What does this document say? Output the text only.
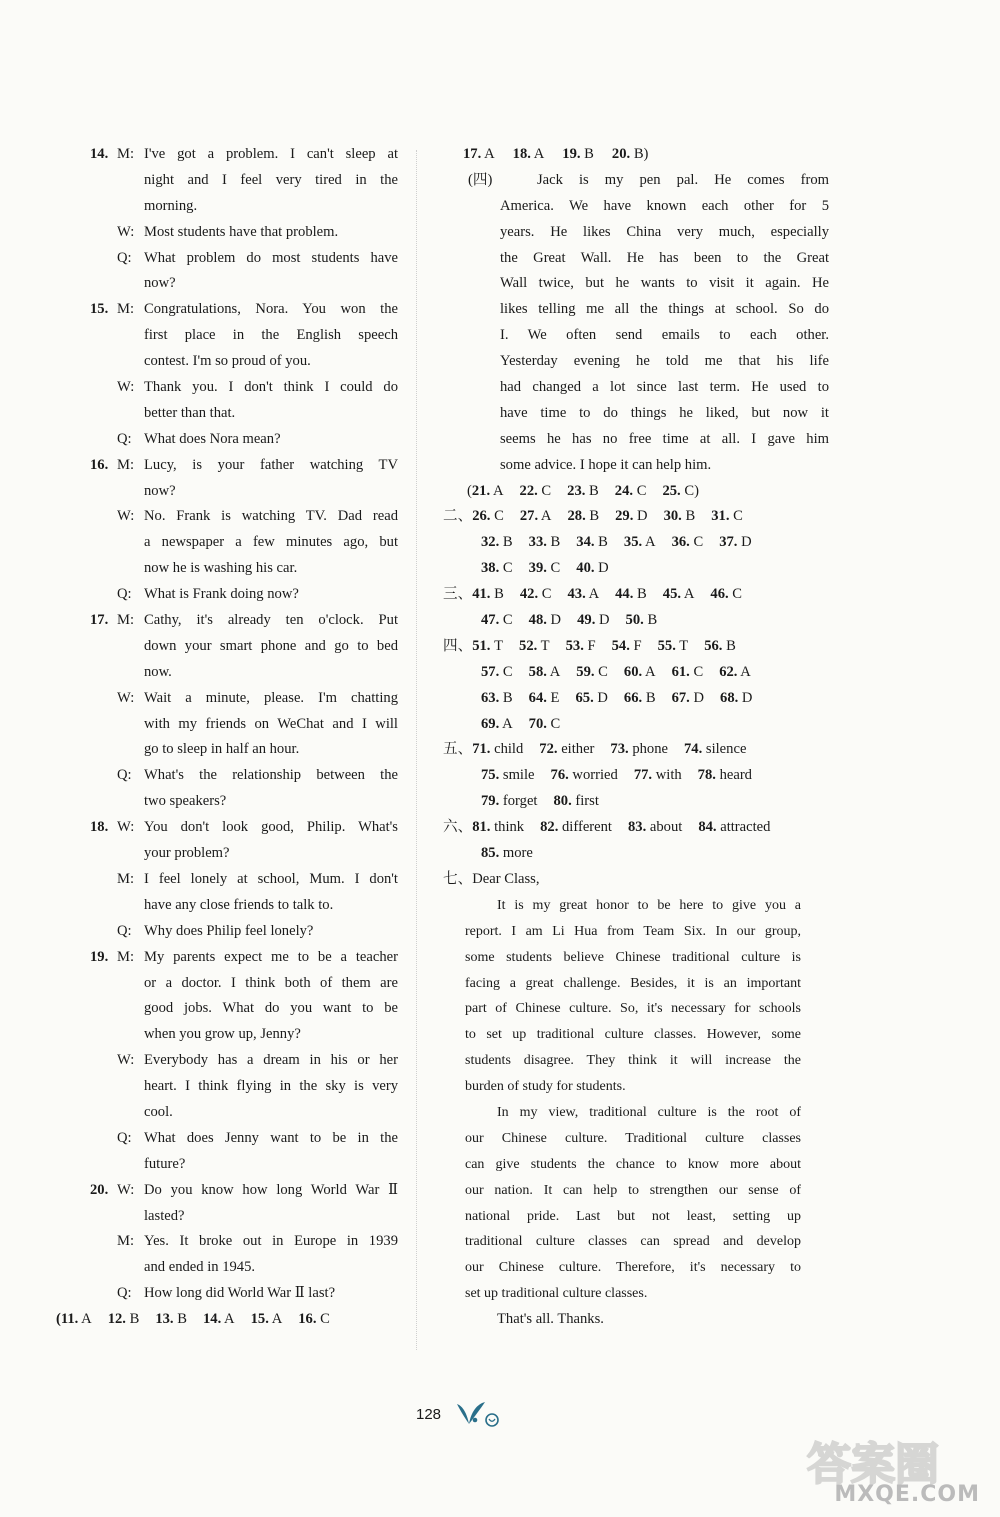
14. M: I've got a problem. I can't sleep at
night and I feel very tired in the
morning.
W: Most students have that problem.
Q: What problem do most students have
now?
15. M: Congratulations, Nora. You won the
first place in the English speech
contest. I'm so proud of you.
W: Thank you. I don't think I could do
better than that.
Q: What does Nora mean?
16. M: Lucy, is your father watching TV
now?
W: No. Frank is watching TV. Dad read
a newspaper a few minutes ago, but
now he is washing his car.
Q: What is Frank doing now?
17. M: Cathy, it's already ten o'clock. Put
down your smart phone and go to bed
now.
W: Wait a minute, please. I'm chatting
with my friends on WeChat and I will
go to sleep in half an hour.
Q: What's the relationship between the
two speakers?
18. W: You don't look good, Philip. What's
your problem?
M: I feel lonely at school, Mum. I don't
have any close friends to talk to.
Q: Why does Philip feel lonely?
19. M: My parents expect me to be a teacher
or a doctor. I think both of them are
good jobs. What do you want to be
when you grow up, Jenny?
W: Everybody has a dream in his or her
heart. I think flying in the sky is very
cool.
Q: What does Jenny want to be in the
future?
20. W: Do you know how long World War Ⅱ
lasted?
M: Yes. It broke out in Europe in 1939
and ended in 1945.
Q: How long did World War Ⅱ last?
(11. A 12. B 13. B 14. A 15. A 16. C
17. A 18. A 19. B 20. B)
(四)	Jack is my pen pal. He comes from
America. We have known each other for 5
years. He likes China very much, especially
the Great Wall. He has been to the Great
Wall twice, but he wants to visit it again. He
likes telling me all the things at school. So do
I. We often send emails to each other.
Yesterday evening he told me that his life
had changed a lot since last term. He used to
have time to do things he liked, but now it
seems he has no free time at all. I gave him
some advice. I hope it can help him.
(21. A 22. C 23. B 24. C 25. C)
二、26. C 27. A 28. B 29. D 30. B 31. C
32. B 33. B 34. B 35. A 36. C 37. D
38. C 39. C 40. D
三、41. B 42. C 43. A 44. B 45. A 46. C
47. C 48. D 49. D 50. B
四、51. T 52. T 53. F 54. F 55. T 56. B
57. C 58. A 59. C 60. A 61. C 62. A
63. B 64. E 65. D 66. B 67. D 68. D
69. A 70. C
五、71. child 72. either 73. phone 74. silence
75. smile 76. worried 77. with 78. heard
79. forget 80. first
六、81. think 82. different 83. about 84. attracted
85. more
七、Dear Class,
It is my great honor to be here to give you a
report. I am Li Hua from Team Six. In our group,
some students believe Chinese traditional culture is
facing a great challenge. Besides, it is an important
part of Chinese culture. So, it's necessary for schools
to set up traditional culture classes. However, some
students disagree. They think it will increase the
burden of study for students.
In my view, traditional culture is the root of
our Chinese culture. Traditional culture classes
can give students the chance to know more about
our nation. It can help to strengthen our sense of
national pride. Last but not least, setting up
traditional culture classes can spread and develop
our Chinese culture. Therefore, it's necessary to
set up traditional culture classes.
That's all. Thanks.
128
答案圈
MXQE.COM
